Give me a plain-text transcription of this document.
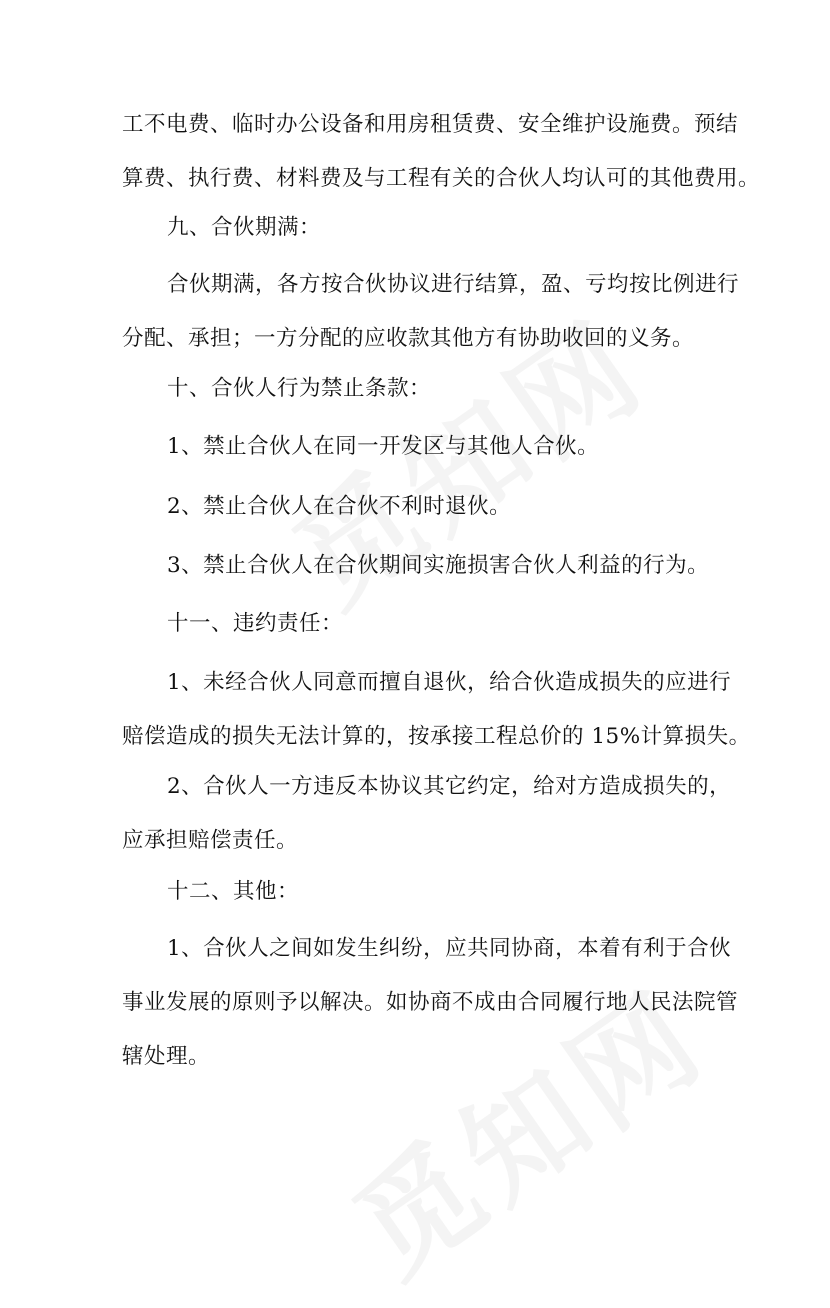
工不电费、临时办公设备和用房租赁费、安全维护设施费。预结
算费、执行费、材料费及与工程有关的合伙人均认可的其他费用。
九、合伙期满：
合伙期满，各方按合伙协议进行结算，盈、亏均按比例进行
分配、承担；一方分配的应收款其他方有协助收回的义务。
十、合伙人行为禁止条款：
1、禁止合伙人在同一开发区与其他人合伙。
2、禁止合伙人在合伙不利时退伙。
3、禁止合伙人在合伙期间实施损害合伙人利益的行为。
十一、违约责任：
1、未经合伙人同意而擅自退伙，给合伙造成损失的应进行
赔偿造成的损失无法计算的，按承接工程总价的 15%计算损失。
2、合伙人一方违反本协议其它约定，给对方造成损失的，
应承担赔偿责任。
十二、其他：
1、合伙人之间如发生纠纷，应共同协商，本着有利于合伙
事业发展的原则予以解决。如协商不成由合同履行地人民法院管
辖处理。
